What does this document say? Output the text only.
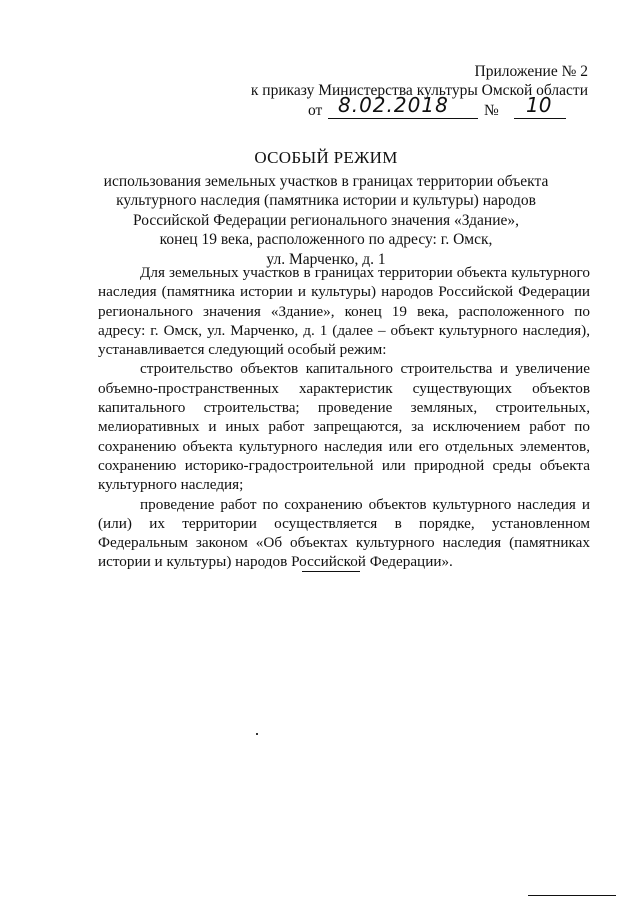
Приложение № 2
к приказу Министерства культуры Омской области
от 8.02.2018 № 10
ОСОБЫЙ РЕЖИМ
использования земельных участков в границах территории объекта
культурного наследия (памятника истории и культуры) народов
Российской Федерации регионального значения «Здание»,
конец 19 века, расположенного по адресу: г. Омск,
ул. Марченко, д. 1

Для земельных участков в границах территории объекта культурного наследия (памятника истории и культуры) народов Российской Федерации регионального значения «Здание», конец 19 века, расположенного по адресу: г. Омск, ул. Марченко, д. 1 (далее – объект культурного наследия), устанавливается следующий особый режим:

строительство объектов капитального строительства и увеличение объемно-пространственных характеристик существующих объектов капитального строительства; проведение земляных, строительных, мелиоративных и иных работ запрещаются, за исключением работ по сохранению объекта культурного наследия или его отдельных элементов, сохранению историко-градостроительной или природной среды объекта культурного наследия;

проведение работ по сохранению объектов культурного наследия и (или) их территории осуществляется в порядке, установленном Федеральным законом «Об объектах культурного наследия (памятниках истории и культуры) народов Российской Федерации».
